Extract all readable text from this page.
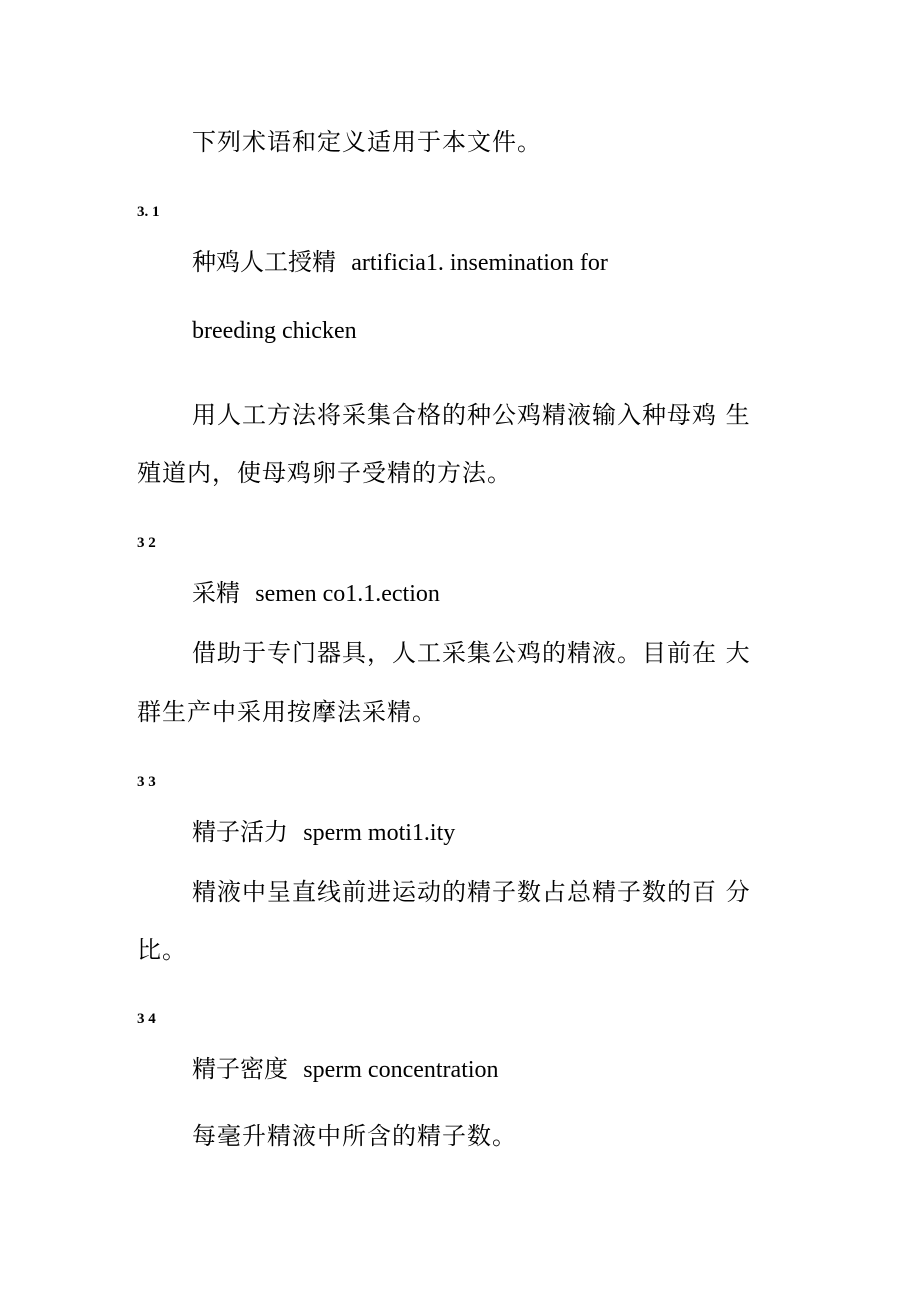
下列术语和定义适用于本文件。

3. 1

种鸡人工授精 artificia1. insemination for

breeding chicken

用人工方法将采集合格的种公鸡精液输入种母鸡 生

殖道内，使母鸡卵子受精的方法。

3 2

采精 semen co1.1.ection

借助于专门器具，人工采集公鸡的精液。目前在 大

群生产中采用按摩法采精。

3 3

精子活力 sperm moti1.ity

精液中呈直线前进运动的精子数占总精子数的百 分

比。

3 4

精子密度 sperm concentration

每毫升精液中所含的精子数。
